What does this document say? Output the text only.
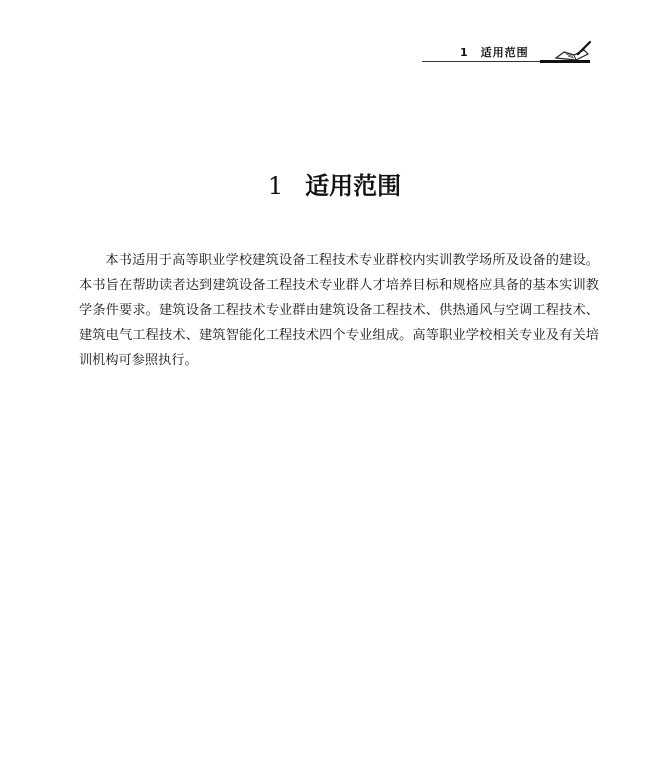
1　适用范围
1 适用范围

本书适用于高等职业学校建筑设备工程技术专业群校内实训教学场所及设备的建设。本书旨在帮助读者达到建筑设备工程技术专业群人才培养目标和规格应具备的基本实训教学条件要求。建筑设备工程技术专业群由建筑设备工程技术、供热通风与空调工程技术、建筑电气工程技术、建筑智能化工程技术四个专业组成。高等职业学校相关专业及有关培训机构可参照执行。
